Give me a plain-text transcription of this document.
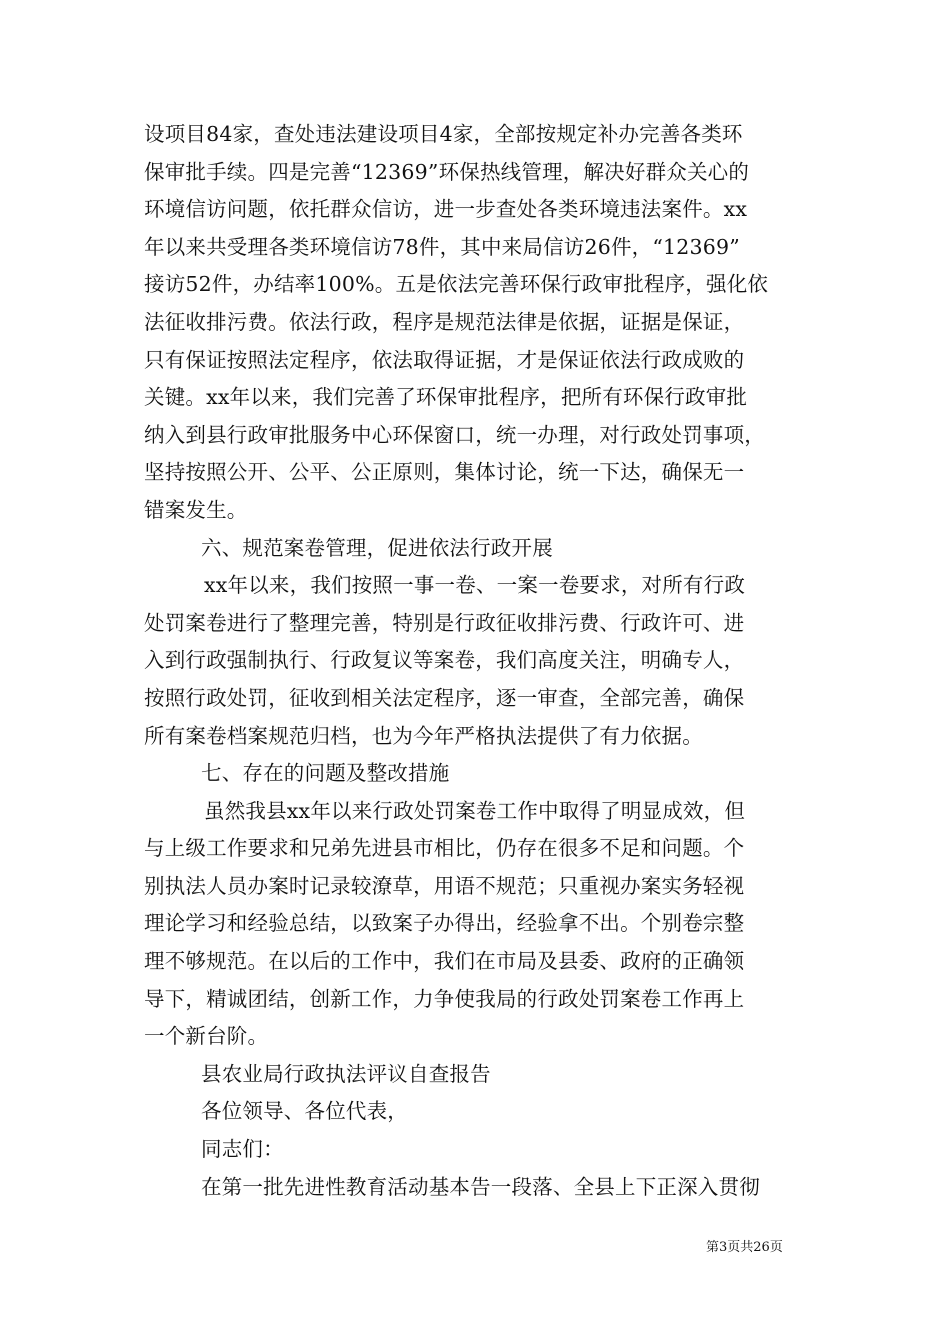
设项目84家，查处违法建设项目4家，全部按规定补办完善各类环
保审批手续。四是完善“12369”环保热线管理，解决好群众关心的
环境信访问题，依托群众信访，进一步查处各类环境违法案件。xx
年以来共受理各类环境信访78件，其中来局信访26件，“12369”
接访52件，办结率100%。五是依法完善环保行政审批程序，强化依
法征收排污费。依法行政，程序是规范法律是依据，证据是保证，
只有保证按照法定程序，依法取得证据，才是保证依法行政成败的
关键。xx年以来，我们完善了环保审批程序，把所有环保行政审批
纳入到县行政审批服务中心环保窗口，统一办理，对行政处罚事项，
坚持按照公开、公平、公正原则，集体讨论，统一下达，确保无一
错案发生。
六、规范案卷管理，促进依法行政开展
xx年以来，我们按照一事一卷、一案一卷要求，对所有行政
处罚案卷进行了整理完善，特别是行政征收排污费、行政许可、进
入到行政强制执行、行政复议等案卷，我们高度关注，明确专人，
按照行政处罚，征收到相关法定程序，逐一审查，全部完善，确保
所有案卷档案规范归档，也为今年严格执法提供了有力依据。
七、存在的问题及整改措施
虽然我县xx年以来行政处罚案卷工作中取得了明显成效，但
与上级工作要求和兄弟先进县市相比，仍存在很多不足和问题。个
别执法人员办案时记录较潦草，用语不规范；只重视办案实务轻视
理论学习和经验总结，以致案子办得出，经验拿不出。个别卷宗整
理不够规范。在以后的工作中，我们在市局及县委、政府的正确领
导下，精诚团结，创新工作，力争使我局的行政处罚案卷工作再上
一个新台阶。
县农业局行政执法评议自查报告
各位领导、各位代表，
同志们：
在第一批先进性教育活动基本告一段落、全县上下正深入贯彻
第3页共26页
